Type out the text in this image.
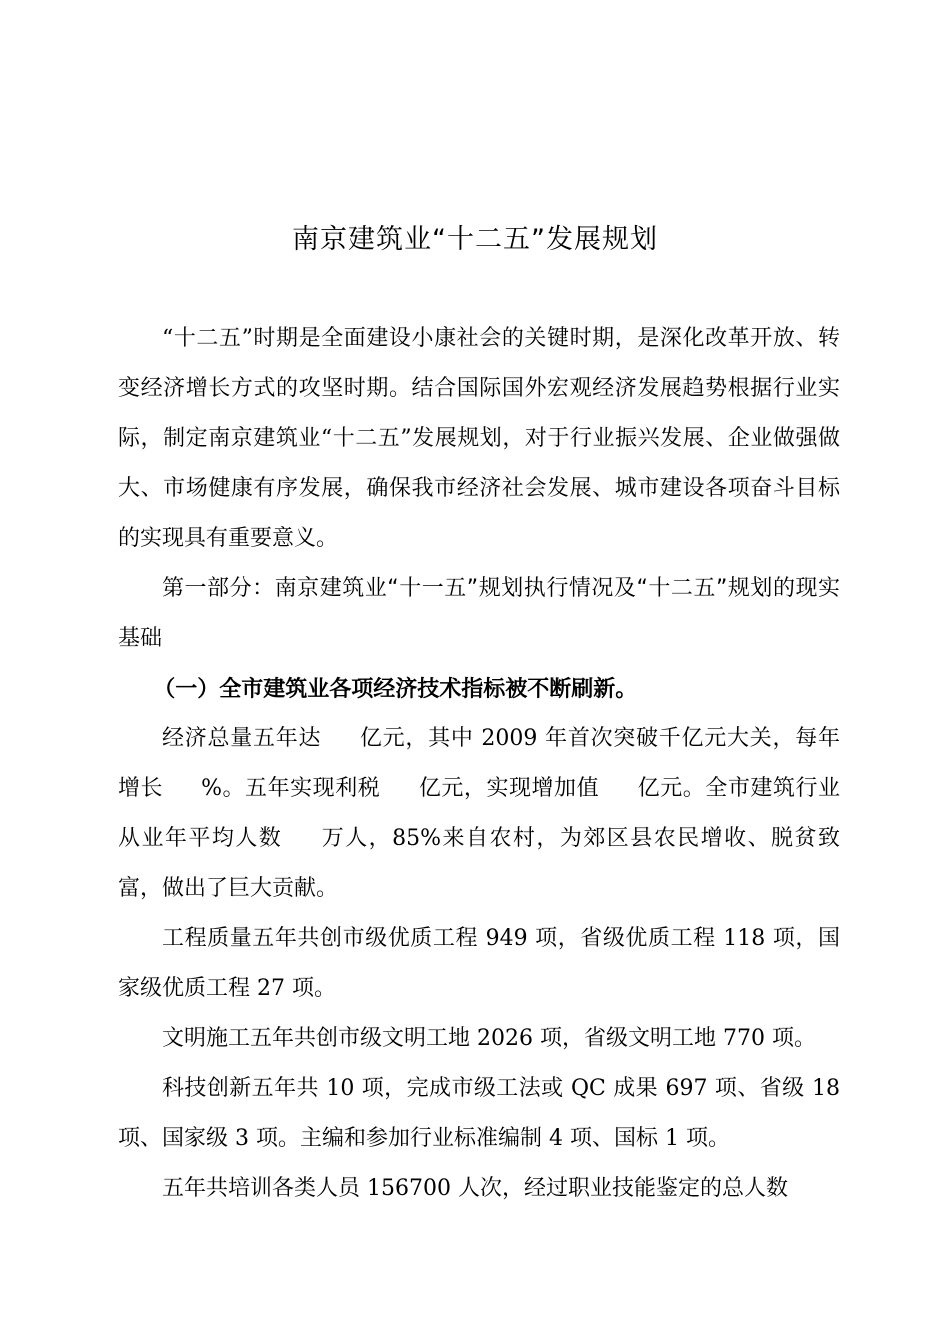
南京建筑业“十二五”发展规划

“十二五”时期是全面建设小康社会的关键时期，是深化改革开放、转变经济增长方式的攻坚时期。结合国际国外宏观经济发展趋势根据行业实际，制定南京建筑业“十二五”发展规划，对于行业振兴发展、企业做强做大、市场健康有序发展，确保我市经济社会发展、城市建设各项奋斗目标的实现具有重要意义。

第一部分：南京建筑业“十一五”规划执行情况及“十二五”规划的现实基础

（一）全市建筑业各项经济技术指标被不断刷新。

经济总量五年达 亿元，其中 2009 年首次突破千亿元大关，每年增长 %。五年实现利税 亿元，实现增加值 亿元。全市建筑行业从业年平均人数 万人，85%来自农村，为郊区县农民增收、脱贫致富，做出了巨大贡献。

工程质量五年共创市级优质工程 949 项，省级优质工程 118 项，国家级优质工程 27 项。

文明施工五年共创市级文明工地 2026 项，省级文明工地 770 项。

科技创新五年共 10 项，完成市级工法或 QC 成果 697 项、省级 18 项、国家级 3 项。主编和参加行业标准编制 4 项、国标 1 项。

五年共培训各类人员 156700 人次，经过职业技能鉴定的总人数
